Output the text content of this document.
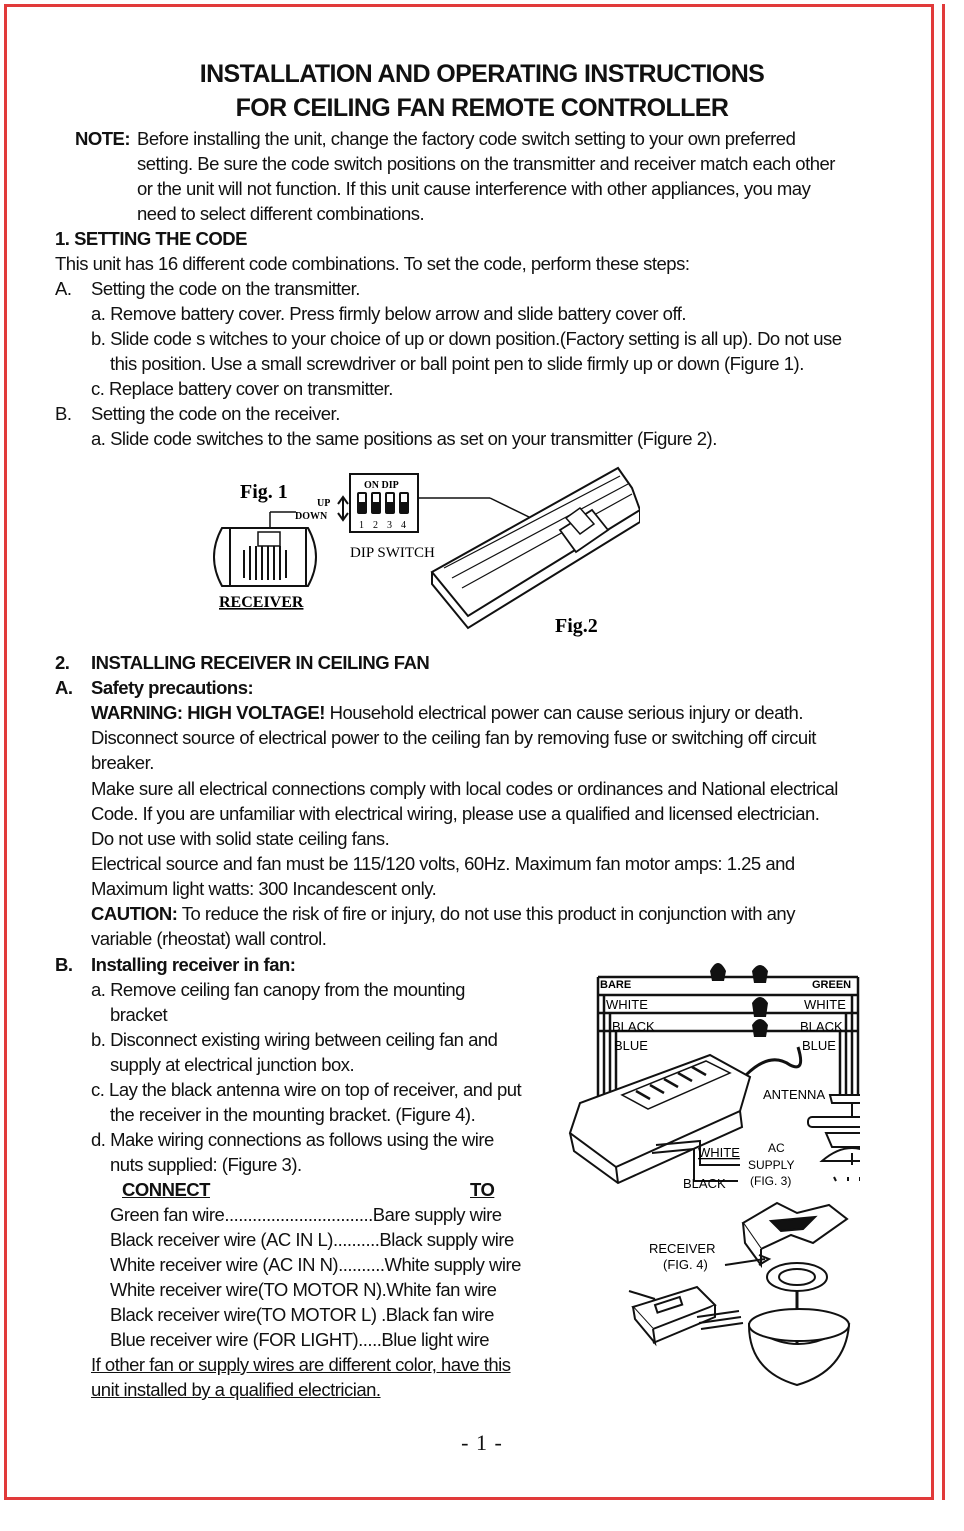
INSTALLATION AND OPERATING INSTRUCTIONS
FOR CEILING FAN REMOTE CONTROLLER
NOTE: Before installing the unit, change the factory code switch setting to your own preferred
setting. Be sure the code switch positions on the transmitter and receiver match each other
or the unit will not function. If this unit cause interference with other appliances, you may
need to select different combinations.
1. SETTING THE CODE
This unit has 16 different code combinations. To set the code, perform these steps:
A. Setting the code on the transmitter.
a. Remove battery cover. Press firmly below arrow and slide battery cover off.
b. Slide code s witches to your choice of up or down position.(Factory setting is all up). Do not use
this position. Use a small screwdriver or ball point pen to slide firmly up or down (Figure 1).
c. Replace battery cover on transmitter.
B. Setting the code on the receiver.
a. Slide code switches to the same positions as set on your transmitter (Figure 2).
Fig. 1
UP
DOWN
ON DIP
1 2 3 4
DIP SWITCH
RECEIVER
Fig.2
2. INSTALLING RECEIVER IN CEILING FAN
A. Safety precautions:
WARNING: HIGH VOLTAGE! Household electrical power can cause serious injury or death.
Disconnect source of electrical power to the ceiling fan by removing fuse or switching off circuit
breaker.
Make sure all electrical connections comply with local codes or ordinances and National electrical
Code. If you are unfamiliar with electrical wiring, please use a qualified and licensed electrician.
Do not use with solid state ceiling fans.
Electrical source and fan must be 115/120 volts, 60Hz. Maximum fan motor amps: 1.25 and
Maximum light watts: 300 Incandescent only.
CAUTION: To reduce the risk of fire or injury, do not use this product in conjunction with any
variable (rheostat) wall control.
B. Installing receiver in fan:
a. Remove ceiling fan canopy from the mounting
bracket
b. Disconnect existing wiring between ceiling fan and
supply at electrical junction box.
c. Lay the black antenna wire on top of receiver, and put
the receiver in the mounting bracket. (Figure 4).
d. Make wiring connections as follows using the wire
nuts supplied: (Figure 3).
CONNECT	TO
Green fan wire................................Bare supply wire
Black receiver wire (AC IN L)..........Black supply wire
White receiver wire (AC IN N)..........White supply wire
White receiver wire(TO MOTOR N).White fan wire
Black receiver wire(TO MOTOR L) .Black fan wire
Blue receiver wire (FOR LIGHT).....Blue light wire
If other fan or supply wires are different color, have this
unit installed by a qualified electrician.
BARE	GREEN
WHITE	WHITE
BLACK	BLACK
BLUE	BLUE
ANTENNA
WHITE
BLACK
AC
SUPPLY
(FIG. 3)
RECEIVER
(FIG. 4)
- 1 -
